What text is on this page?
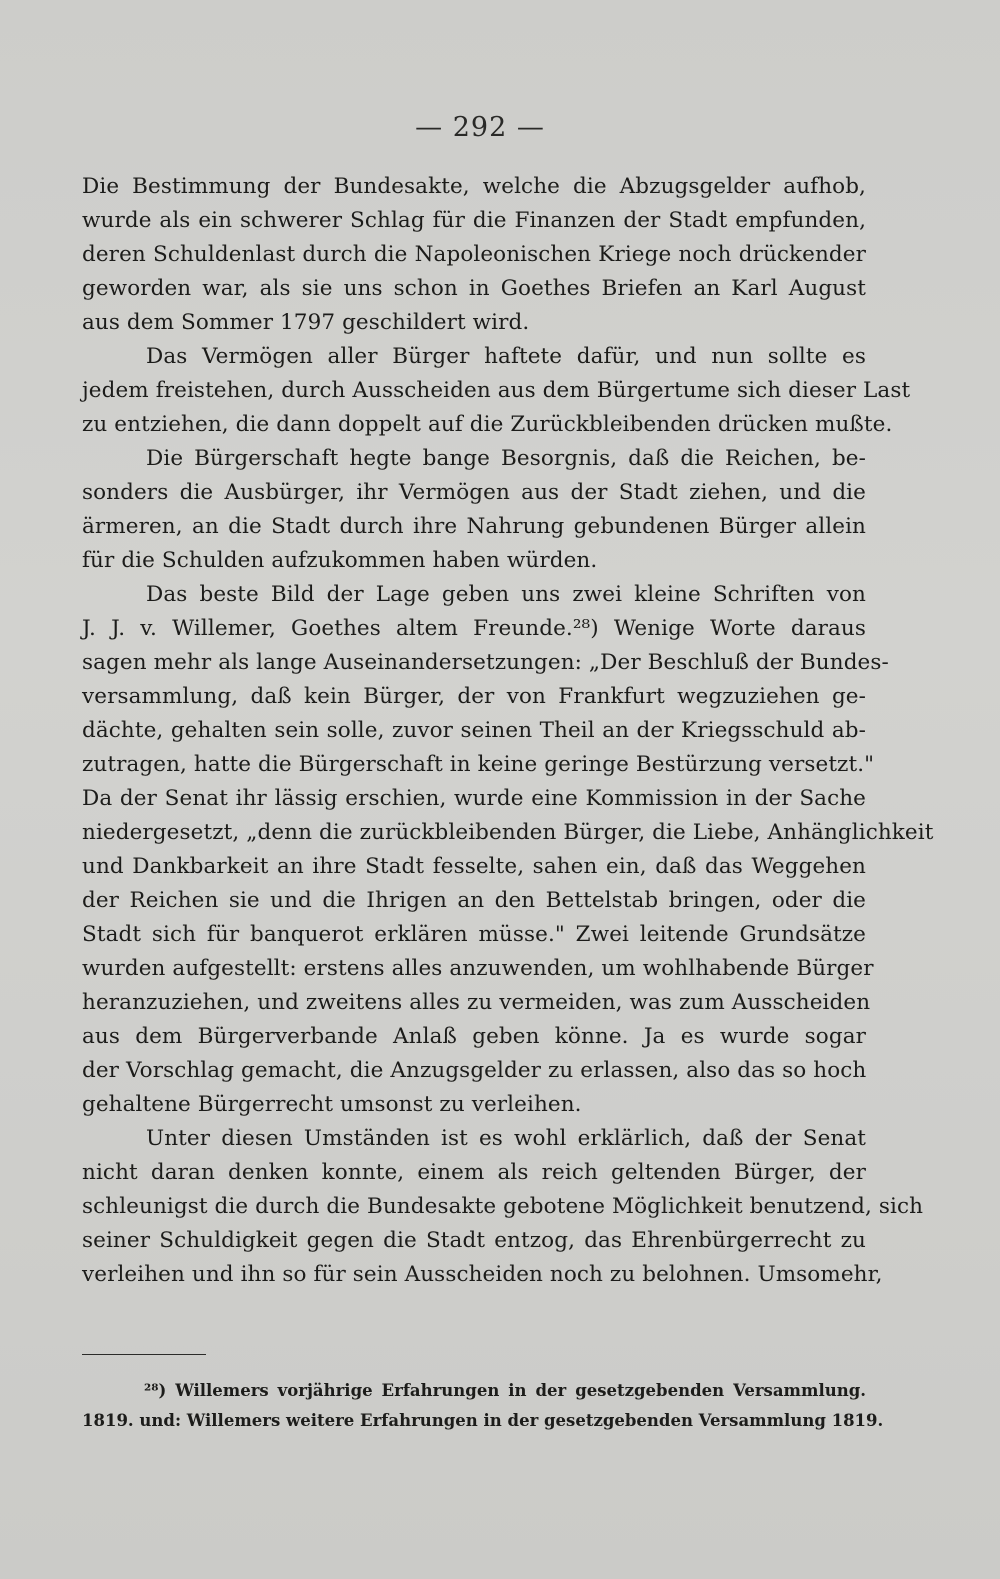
— 292 —
Die Bestimmung der Bundesakte, welche die Abzugsgelder aufhob,
wurde als ein schwerer Schlag für die Finanzen der Stadt empfunden,
deren Schuldenlast durch die Napoleonischen Kriege noch drückender
geworden war, als sie uns schon in Goethes Briefen an Karl August
aus dem Sommer 1797 geschildert wird.
Das Vermögen aller Bürger haftete dafür, und nun sollte es
jedem freistehen, durch Ausscheiden aus dem Bürgertume sich dieser Last
zu entziehen, die dann doppelt auf die Zurückbleibenden drücken mußte.
Die Bürgerschaft hegte bange Besorgnis, daß die Reichen, be-
sonders die Ausbürger, ihr Vermögen aus der Stadt ziehen, und die
ärmeren, an die Stadt durch ihre Nahrung gebundenen Bürger allein
für die Schulden aufzukommen haben würden.
Das beste Bild der Lage geben uns zwei kleine Schriften von
J. J. v. Willemer, Goethes altem Freunde.²⁸) Wenige Worte daraus
sagen mehr als lange Auseinandersetzungen: „Der Beschluß der Bundes-
versammlung, daß kein Bürger, der von Frankfurt wegzuziehen ge-
dächte, gehalten sein solle, zuvor seinen Theil an der Kriegsschuld ab-
zutragen, hatte die Bürgerschaft in keine geringe Bestürzung versetzt."
Da der Senat ihr lässig erschien, wurde eine Kommission in der Sache
niedergesetzt, „denn die zurückbleibenden Bürger, die Liebe, Anhänglichkeit
und Dankbarkeit an ihre Stadt fesselte, sahen ein, daß das Weggehen
der Reichen sie und die Ihrigen an den Bettelstab bringen, oder die
Stadt sich für banquerot erklären müsse." Zwei leitende Grundsätze
wurden aufgestellt: erstens alles anzuwenden, um wohlhabende Bürger
heranzuziehen, und zweitens alles zu vermeiden, was zum Ausscheiden
aus dem Bürgerverbande Anlaß geben könne. Ja es wurde sogar
der Vorschlag gemacht, die Anzugsgelder zu erlassen, also das so hoch
gehaltene Bürgerrecht umsonst zu verleihen.
Unter diesen Umständen ist es wohl erklärlich, daß der Senat
nicht daran denken konnte, einem als reich geltenden Bürger, der
schleunigst die durch die Bundesakte gebotene Möglichkeit benutzend, sich
seiner Schuldigkeit gegen die Stadt entzog, das Ehrenbürgerrecht zu
verleihen und ihn so für sein Ausscheiden noch zu belohnen. Umsomehr,
²⁸) Willemers vorjährige Erfahrungen in der gesetzgebenden Versammlung.
1819. und: Willemers weitere Erfahrungen in der gesetzgebenden Versammlung 1819.
